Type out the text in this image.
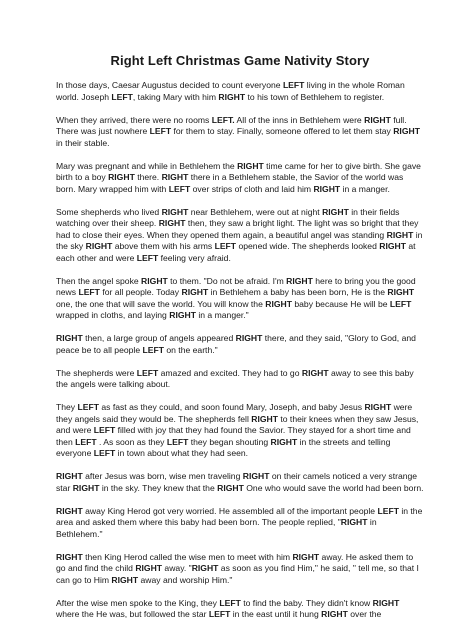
Right Left Christmas Game Nativity Story

In those days, Caesar Augustus decided to count everyone LEFT living in the whole Roman world. Joseph LEFT, taking Mary with him RIGHT to his town of Bethlehem to register.

When they arrived, there were no rooms LEFT. All of the inns in Bethlehem were RIGHT full. There was just nowhere LEFT for them to stay. Finally, someone offered to let them stay RIGHT in their stable.

Mary was pregnant and while in Bethlehem the RIGHT time came for her to give birth. She gave birth to a boy RIGHT there. RIGHT there in a Bethlehem stable, the Savior of the world was born. Mary wrapped him with LEFT over strips of cloth and laid him RIGHT in a manger.

Some shepherds who lived RIGHT near Bethlehem, were out at night RIGHT in their fields watching over their sheep. RIGHT then, they saw a bright light. The light was so bright that they had to close their eyes. When they opened them again, a beautiful angel was standing RIGHT in the sky RIGHT above them with his arms LEFT opened wide. The shepherds looked RIGHT at each other and were LEFT feeling very afraid.

Then the angel spoke RIGHT to them. "Do not be afraid. I'm RIGHT here to bring you the good news LEFT for all people. Today RIGHT in Bethlehem a baby has been born, He is the RIGHT one, the one that will save the world. You will know the RIGHT baby because He will be LEFT wrapped in cloths, and laying RIGHT in a manger."

RIGHT then, a large group of angels appeared RIGHT there, and they said, "Glory to God, and peace be to all people LEFT on the earth."

The shepherds were LEFT amazed and excited. They had to go RIGHT away to see this baby the angels were talking about.

They LEFT as fast as they could, and soon found Mary, Joseph, and baby Jesus RIGHT were they angels said they would be. The shepherds fell RIGHT to their knees when they saw Jesus, and were LEFT filled with joy that they had found the Savior. They stayed for a short time and then LEFT . As soon as they LEFT they began shouting RIGHT in the streets and telling everyone LEFT in town about what they had seen.

RIGHT after Jesus was born, wise men traveling RIGHT on their camels noticed a very strange star RIGHT in the sky. They knew that the RIGHT One who would save the world had been born.

RIGHT away King Herod got very worried. He assembled all of the important people LEFT in the area and asked them where this baby had been born. The people replied, "RIGHT in Bethlehem."

RIGHT then King Herod called the wise men to meet with him RIGHT away. He asked them to go and find the child RIGHT away. "RIGHT as soon as you find Him," he said, " tell me, so that I can go to Him RIGHT away and worship Him."

After the wise men spoke to the King, they LEFT to find the baby. They didn't know RIGHT where the He was, but followed the star LEFT in the east until it hung RIGHT over the
